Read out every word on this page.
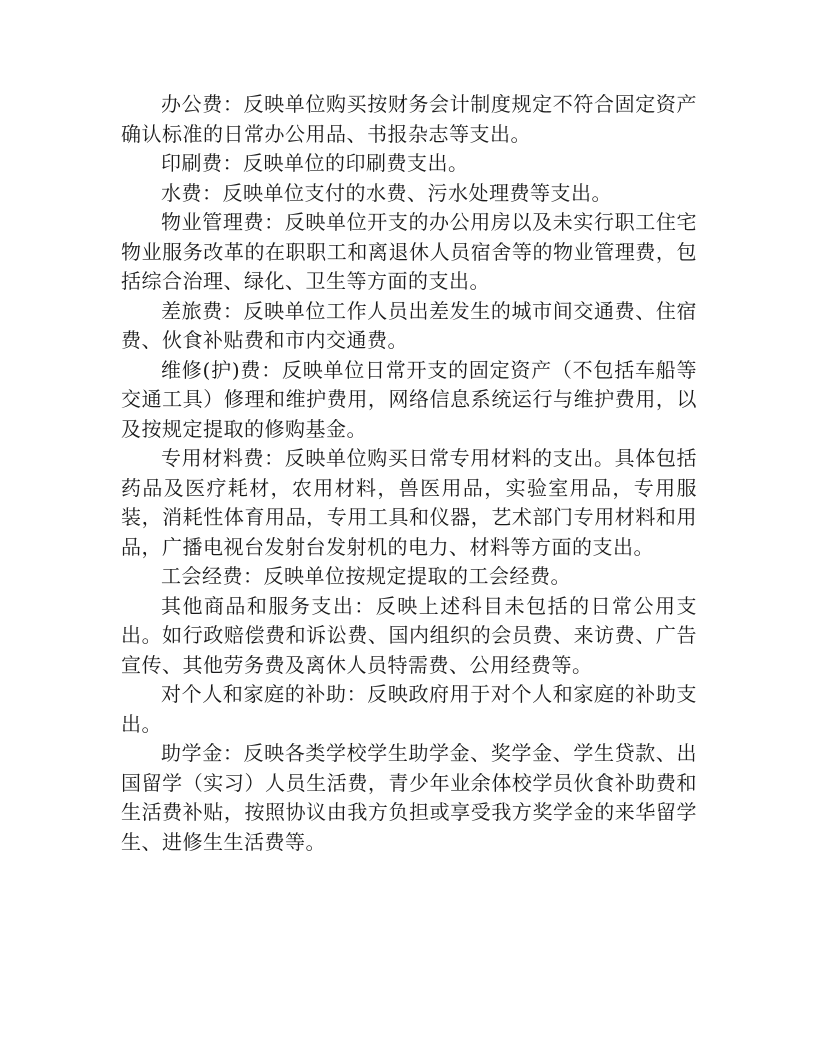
办公费：反映单位购买按财务会计制度规定不符合固定资产确认标准的日常办公用品、书报杂志等支出。

印刷费：反映单位的印刷费支出。

水费：反映单位支付的水费、污水处理费等支出。

物业管理费：反映单位开支的办公用房以及未实行职工住宅物业服务改革的在职职工和离退休人员宿舍等的物业管理费，包括综合治理、绿化、卫生等方面的支出。

差旅费：反映单位工作人员出差发生的城市间交通费、住宿费、伙食补贴费和市内交通费。

维修(护)费：反映单位日常开支的固定资产（不包括车船等交通工具）修理和维护费用，网络信息系统运行与维护费用，以及按规定提取的修购基金。

专用材料费：反映单位购买日常专用材料的支出。具体包括药品及医疗耗材，农用材料，兽医用品，实验室用品，专用服装，消耗性体育用品，专用工具和仪器，艺术部门专用材料和用品，广播电视台发射台发射机的电力、材料等方面的支出。

工会经费：反映单位按规定提取的工会经费。

其他商品和服务支出：反映上述科目未包括的日常公用支出。如行政赔偿费和诉讼费、国内组织的会员费、来访费、广告宣传、其他劳务费及离休人员特需费、公用经费等。

对个人和家庭的补助：反映政府用于对个人和家庭的补助支出。

助学金：反映各类学校学生助学金、奖学金、学生贷款、出国留学（实习）人员生活费，青少年业余体校学员伙食补助费和生活费补贴，按照协议由我方负担或享受我方奖学金的来华留学生、进修生生活费等。
